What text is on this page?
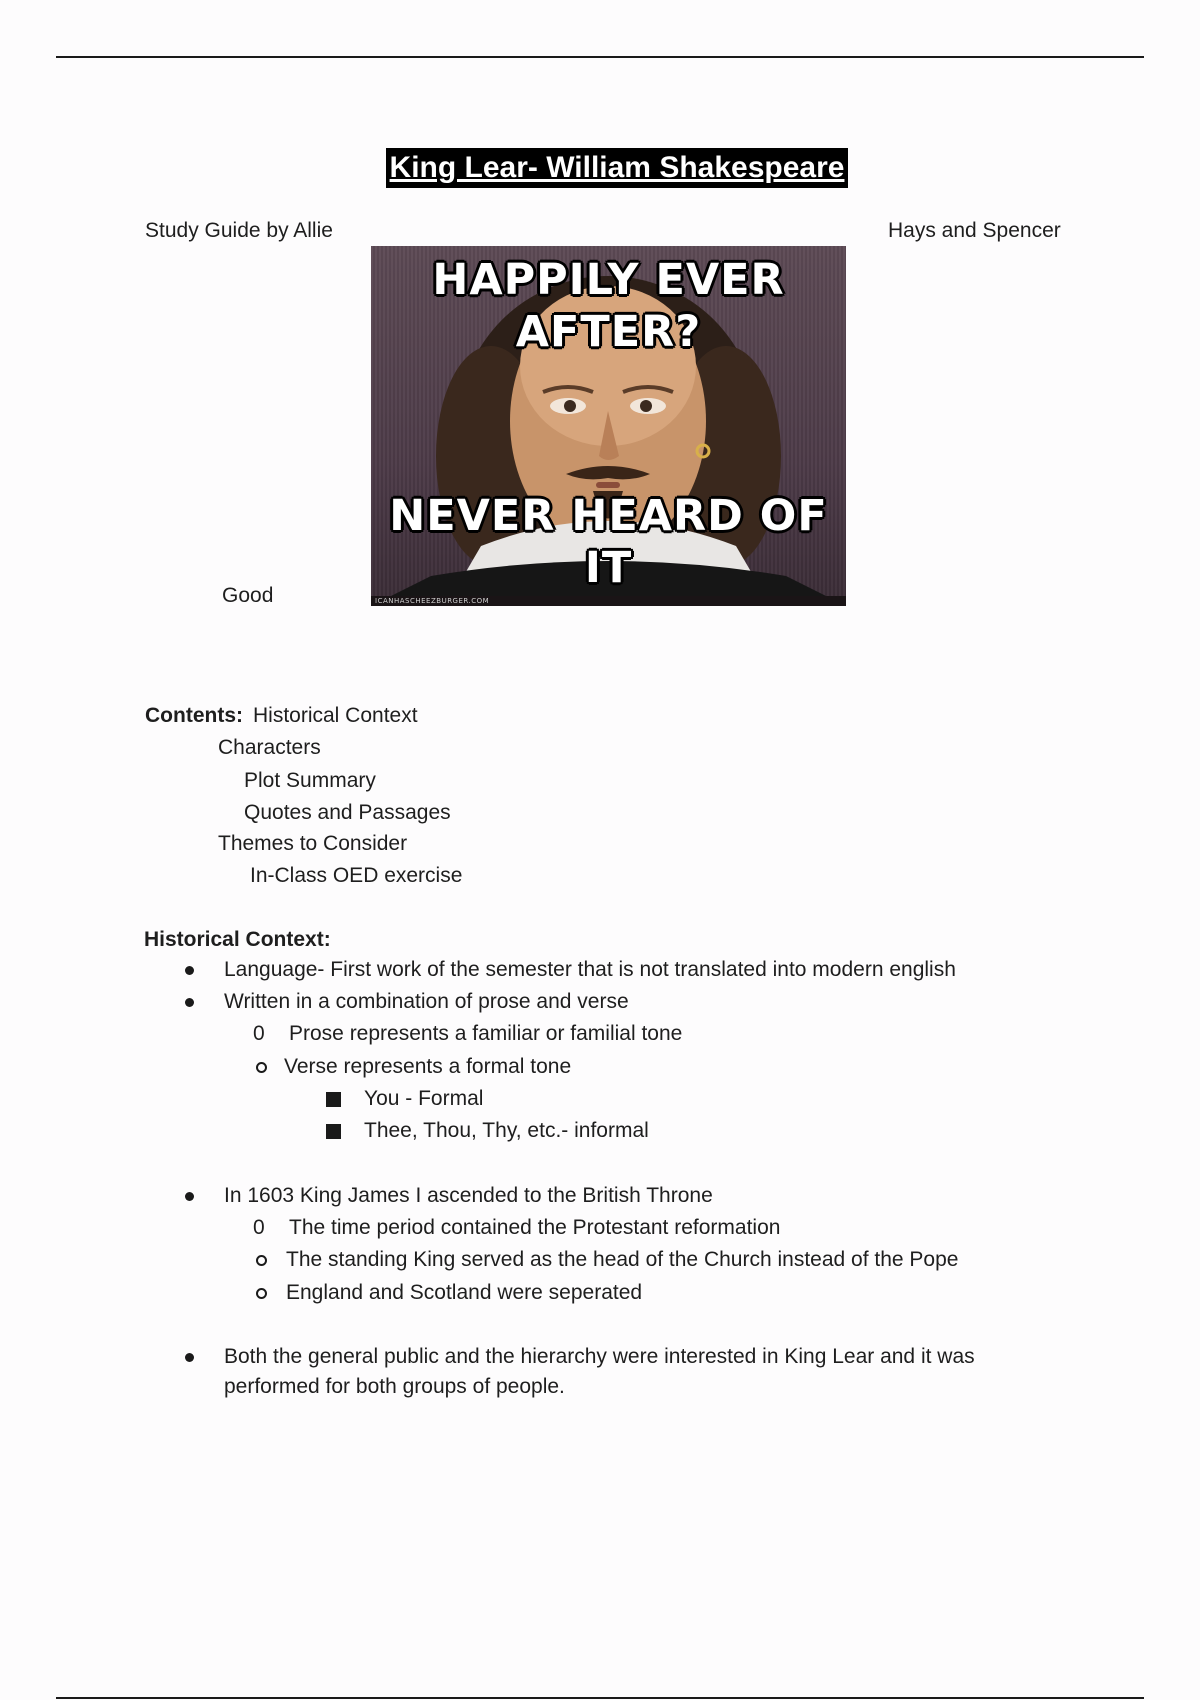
King Lear- William Shakespeare
Study Guide by Allie	Hays and Spencer
Good
HAPPILY EVER
AFTER?
NEVER HEARD OF
IT
ICANHASCHEEZBURGER.COM
Contents: Historical Context
Characters
Plot Summary
Quotes and Passages
Themes to Consider
In-Class OED exercise
Historical Context:
Language- First work of the semester that is not translated into modern english
Written in a combination of prose and verse
0 Prose represents a familiar or familial tone
Verse represents a formal tone
You - Formal
Thee, Thou, Thy, etc.- informal
In 1603 King James I ascended to the British Throne
0 The time period contained the Protestant reformation
The standing King served as the head of the Church instead of the Pope
England and Scotland were seperated
Both the general public and the hierarchy were interested in King Lear and it was
performed for both groups of people.
